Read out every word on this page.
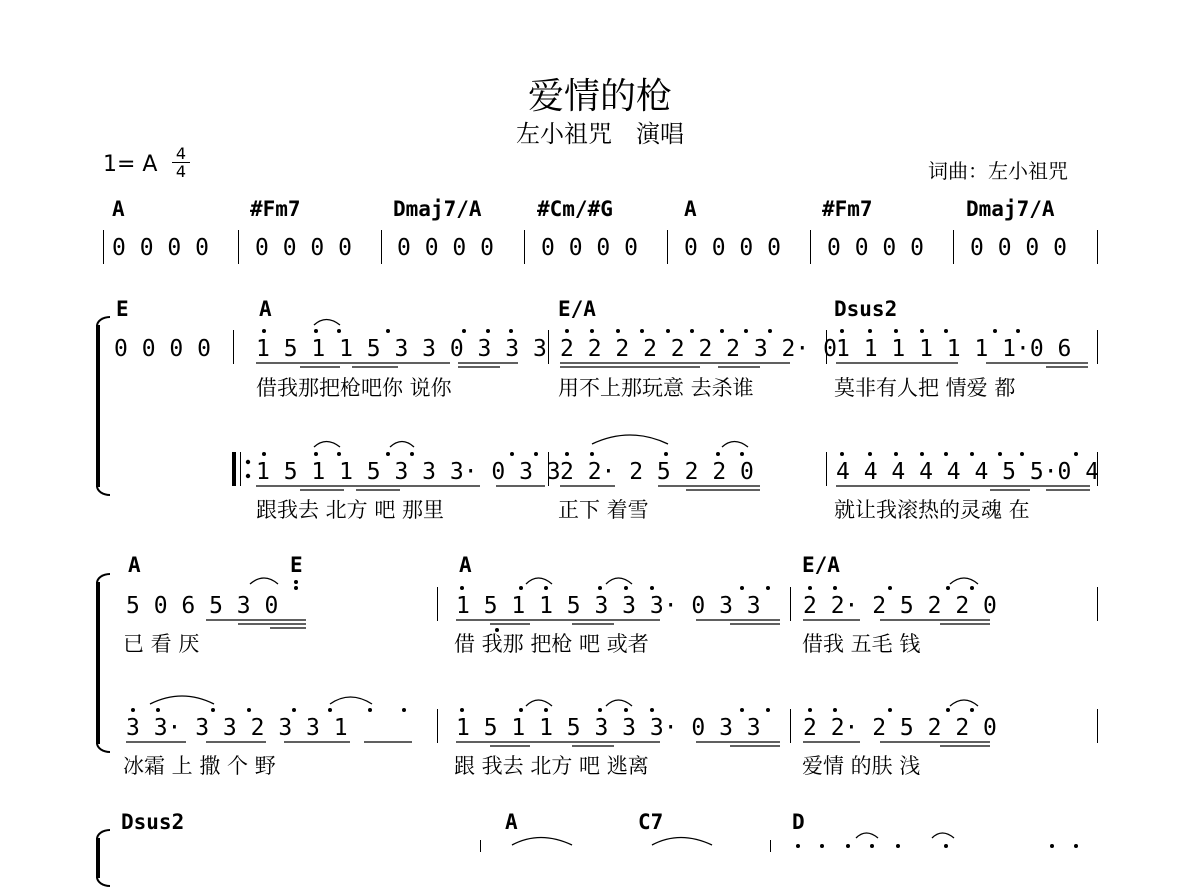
爱情的枪
左小祖咒　演唱
1= A 4
4	词曲：左小祖咒
A	#Fm7	Dmaj7/A	#Cm/#G	A	#Fm7	Dmaj7/A
0 0 0 0 0 0 0 0 0 0 0 0 0 0 0 0 0 0 0 0 0 0 0 0 0 0 0 0
E	A	E/A	Dsus2
0 0 0 0 1 5 1 1 5 3 3 0 3 3 3 2 2 2 2 2 2 2 3 2· 0 1 1 1 1 1 1 1·0 6
借我那把枪吧你 说你	用不上那玩意 去杀谁	莫非有人把 情爱 都
1 5 1 1 5 3 3 3· 0 3 3 2 2· 2 5 2 2 0	4 4 4 4 4 4 5 5·0 4
跟我去 北方 吧 那里	正下 着雪	就让我滚热的灵魂 在
A	E	A	E/A
5 0 6 5 3 0	1 5 1 1 5 3 3 3· 0 3 3 2 2· 2 5 2 2 0
已 看 厌	借 我那 把枪 吧 或者	借我 五毛 钱
3 3· 3 3 2 3 3 1	1 5 1 1 5 3 3 3· 0 3 3 2 2· 2 5 2 2 0
冰霜 上 撒 个 野	跟 我去 北方 吧 逃离	爱情 的肤 浅
Dsus2	A	C7	D
